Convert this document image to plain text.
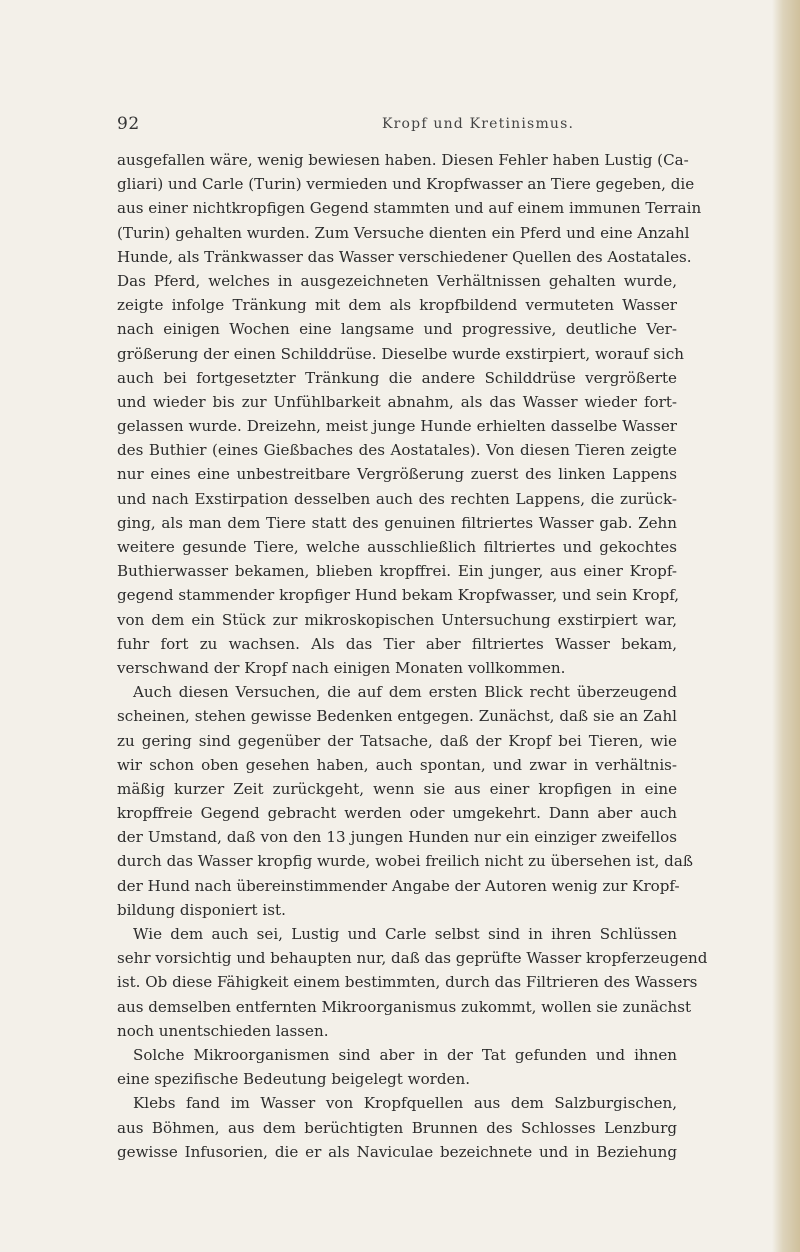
92	Kropf und Kretinismus.
ausgefallen wäre, wenig bewiesen haben. Diesen Fehler haben Lustig (Ca-
gliari) und Carle (Turin) vermieden und Kropfwasser an Tiere gegeben, die
aus einer nichtkropfigen Gegend stammten und auf einem immunen Terrain
(Turin) gehalten wurden. Zum Versuche dienten ein Pferd und eine Anzahl
Hunde, als Tränkwasser das Wasser verschiedener Quellen des Aostatales.
Das Pferd, welches in ausgezeichneten Verhältnissen gehalten wurde,
zeigte infolge Tränkung mit dem als kropfbildend vermuteten Wasser
nach einigen Wochen eine langsame und progressive, deutliche Ver-
größerung der einen Schilddrüse. Dieselbe wurde exstirpiert, worauf sich
auch bei fortgesetzter Tränkung die andere Schilddrüse vergrößerte
und wieder bis zur Unfühlbarkeit abnahm, als das Wasser wieder fort-
gelassen wurde. Dreizehn, meist junge Hunde erhielten dasselbe Wasser
des Buthier (eines Gießbaches des Aostatales). Von diesen Tieren zeigte
nur eines eine unbestreitbare Vergrößerung zuerst des linken Lappens
und nach Exstirpation desselben auch des rechten Lappens, die zurück-
ging, als man dem Tiere statt des genuinen filtriertes Wasser gab. Zehn
weitere gesunde Tiere, welche ausschließlich filtriertes und gekochtes
Buthierwasser bekamen, blieben kropffrei. Ein junger, aus einer Kropf-
gegend stammender kropfiger Hund bekam Kropfwasser, und sein Kropf,
von dem ein Stück zur mikroskopischen Untersuchung exstirpiert war,
fuhr fort zu wachsen. Als das Tier aber filtriertes Wasser bekam,
verschwand der Kropf nach einigen Monaten vollkommen.
Auch diesen Versuchen, die auf dem ersten Blick recht überzeugend
scheinen, stehen gewisse Bedenken entgegen. Zunächst, daß sie an Zahl
zu gering sind gegenüber der Tatsache, daß der Kropf bei Tieren, wie
wir schon oben gesehen haben, auch spontan, und zwar in verhältnis-
mäßig kurzer Zeit zurückgeht, wenn sie aus einer kropfigen in eine
kropffreie Gegend gebracht werden oder umgekehrt. Dann aber auch
der Umstand, daß von den 13 jungen Hunden nur ein einziger zweifellos
durch das Wasser kropfig wurde, wobei freilich nicht zu übersehen ist, daß
der Hund nach übereinstimmender Angabe der Autoren wenig zur Kropf-
bildung disponiert ist.
Wie dem auch sei, Lustig und Carle selbst sind in ihren Schlüssen
sehr vorsichtig und behaupten nur, daß das geprüfte Wasser kropferzeugend
ist. Ob diese Fähigkeit einem bestimmten, durch das Filtrieren des Wassers
aus demselben entfernten Mikroorganismus zukommt, wollen sie zunächst
noch unentschieden lassen.
Solche Mikroorganismen sind aber in der Tat gefunden und ihnen
eine spezifische Bedeutung beigelegt worden.
Klebs fand im Wasser von Kropfquellen aus dem Salzburgischen,
aus Böhmen, aus dem berüchtigten Brunnen des Schlosses Lenzburg
gewisse Infusorien, die er als Naviculae bezeichnete und in Beziehung
